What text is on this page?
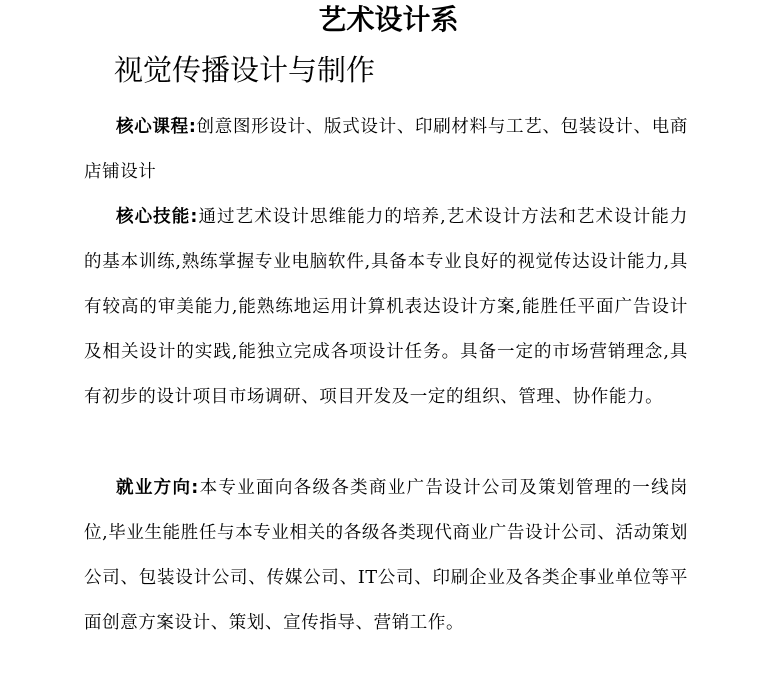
艺术设计系
视觉传播设计与制作

核心课程:创意图形设计、版式设计、印刷材料与工艺、包装设计、电商店铺设计

核心技能:通过艺术设计思维能力的培养,艺术设计方法和艺术设计能力的基本训练,熟练掌握专业电脑软件,具备本专业良好的视觉传达设计能力,具有较高的审美能力,能熟练地运用计算机表达设计方案,能胜任平面广告设计及相关设计的实践,能独立完成各项设计任务。具备一定的市场营销理念,具有初步的设计项目市场调研、项目开发及一定的组织、管理、协作能力。

就业方向:本专业面向各级各类商业广告设计公司及策划管理的一线岗位,毕业生能胜任与本专业相关的各级各类现代商业广告设计公司、活动策划公司、包装设计公司、传媒公司、IT公司、印刷企业及各类企事业单位等平面创意方案设计、策划、宣传指导、营销工作。
